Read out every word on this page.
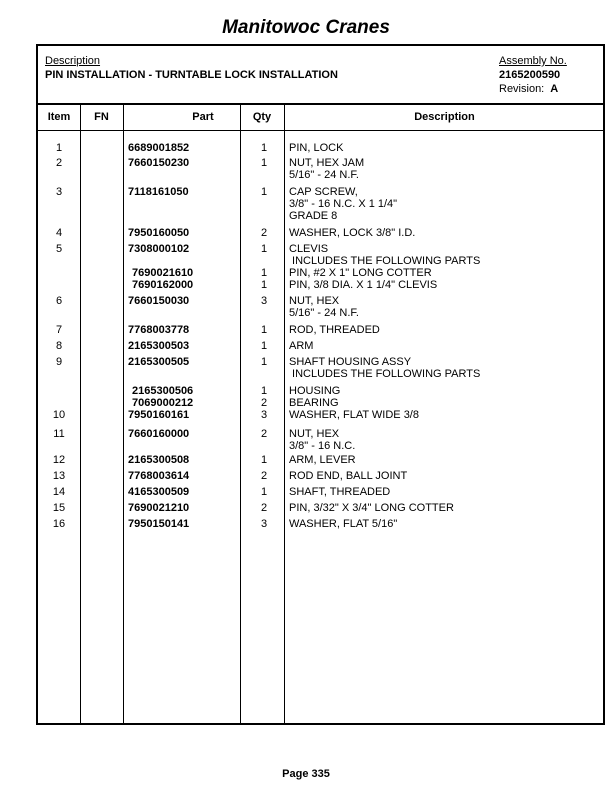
Manitowoc Cranes
Description
PIN INSTALLATION - TURNTABLE LOCK INSTALLATION
Assembly No.
2165200590
Revision: A
Item	FN	Part	Qty	Description
1	6689001852	1	PIN, LOCK
2	7660150230	1	NUT, HEX JAM
5/16" - 24 N.F.
3	7118161050	1	CAP SCREW,
3/8" - 16 N.C. X 1 1/4"
GRADE 8
4	7950160050	2	WASHER, LOCK 3/8" I.D.
5	7308000102	1	CLEVIS
INCLUDES THE FOLLOWING PARTS
7690021610	1	PIN, #2 X 1" LONG COTTER
7690162000	1	PIN, 3/8 DIA. X 1 1/4" CLEVIS
6	7660150030	3	NUT, HEX
5/16" - 24 N.F.
7	7768003778	1	ROD, THREADED
8	2165300503	1	ARM
9	2165300505	1	SHAFT HOUSING ASSY
INCLUDES THE FOLLOWING PARTS
2165300506	1	HOUSING
7069000212	2	BEARING
10	7950160161	3	WASHER, FLAT WIDE 3/8
11	7660160000	2	NUT, HEX
3/8" - 16 N.C.
12	2165300508	1	ARM, LEVER
13	7768003614	2	ROD END, BALL JOINT
14	4165300509	1	SHAFT, THREADED
15	7690021210	2	PIN, 3/32" X 3/4" LONG COTTER
16	7950150141	3	WASHER, FLAT 5/16"
Page 335
